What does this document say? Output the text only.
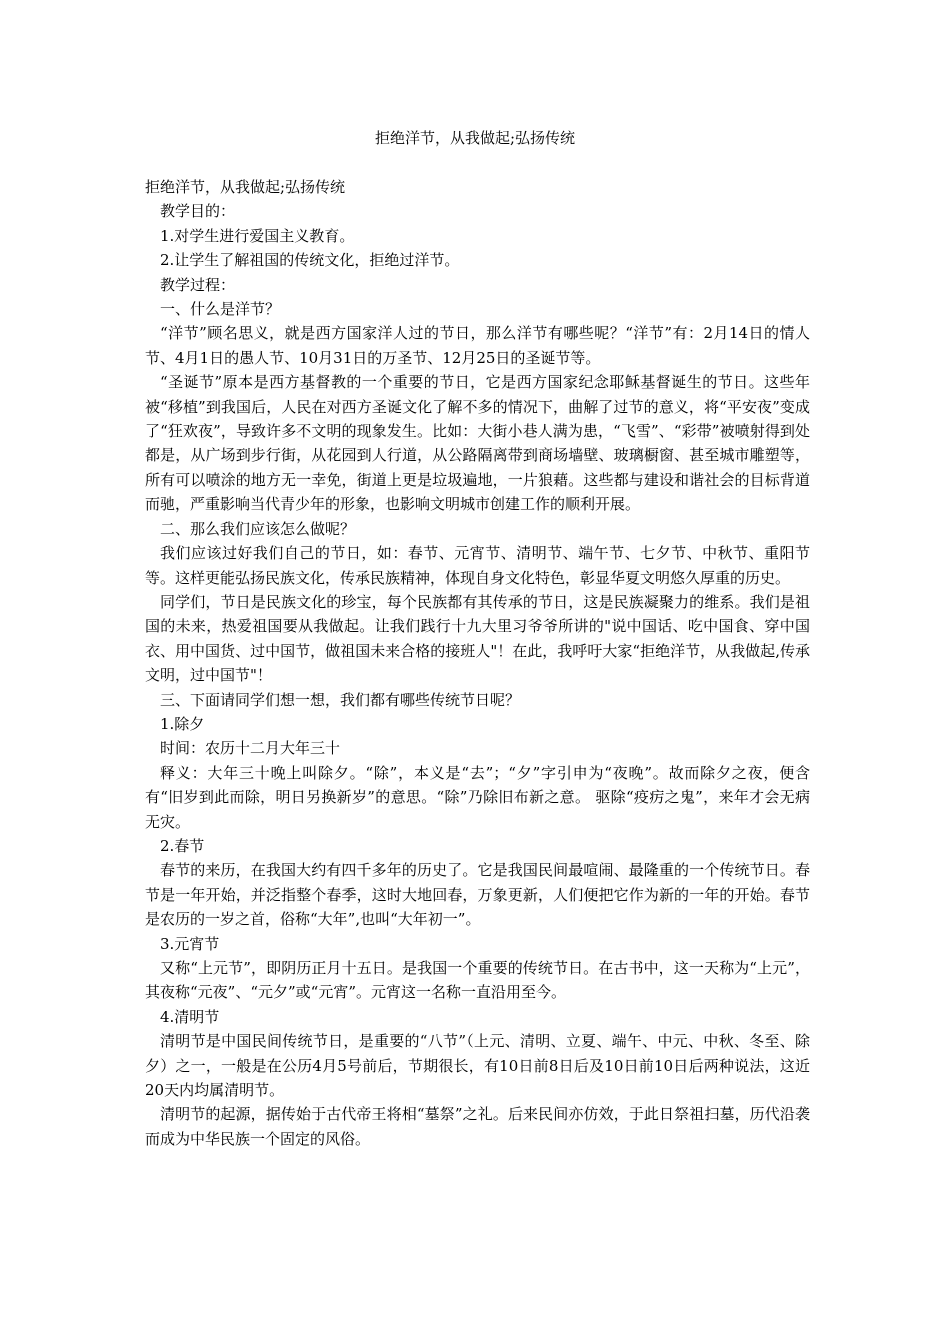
拒绝洋节，从我做起;弘扬传统

拒绝洋节，从我做起;弘扬传统

教学目的：

1.对学生进行爱国主义教育。

2.让学生了解祖国的传统文化，拒绝过洋节。

教学过程：

一、什么是洋节？

“洋节”顾名思义，就是西方国家洋人过的节日，那么洋节有哪些呢？“洋节”有：2月14日的情人节、4月1日的愚人节、10月31日的万圣节、12月25日的圣诞节等。

“圣诞节”原本是西方基督教的一个重要的节日，它是西方国家纪念耶稣基督诞生的节日。这些年被“移植”到我国后，人民在对西方圣诞文化了解不多的情况下，曲解了过节的意义，将“平安夜”变成了“狂欢夜”，导致许多不文明的现象发生。比如：大街小巷人满为患，“飞雪”、“彩带”被喷射得到处都是，从广场到步行街，从花园到人行道，从公路隔离带到商场墙壁、玻璃橱窗、甚至城市雕塑等，所有可以喷涂的地方无一幸免，街道上更是垃圾遍地，一片狼藉。这些都与建设和谐社会的目标背道而驰，严重影响当代青少年的形象，也影响文明城市创建工作的顺利开展。

二、那么我们应该怎么做呢？

我们应该过好我们自己的节日，如：春节、元宵节、清明节、端午节、七夕节、中秋节、重阳节等。这样更能弘扬民族文化，传承民族精神，体现自身文化特色，彰显华夏文明悠久厚重的历史。

同学们，节日是民族文化的珍宝，每个民族都有其传承的节日，这是民族凝聚力的维系。我们是祖国的未来，热爱祖国要从我做起。让我们践行十九大里习爷爷所讲的"说中国话、吃中国食、穿中国衣、用中国货、过中国节，做祖国未来合格的接班人"！在此，我呼吁大家“拒绝洋节，从我做起,传承文明，过中国节"！

三、下面请同学们想一想，我们都有哪些传统节日呢？

1.除夕

时间：农历十二月大年三十

释义：大年三十晚上叫除夕。“除”，本义是“去”；“夕”字引申为“夜晚”。故而除夕之夜，便含有“旧岁到此而除，明日另换新岁”的意思。“除”乃除旧布新之意。 驱除“疫疠之鬼”，来年才会无病无灾。

2.春节

春节的来历，在我国大约有四千多年的历史了。它是我国民间最喧闹、最隆重的一个传统节日。春节是一年开始，并泛指整个春季，这时大地回春，万象更新，人们便把它作为新的一年的开始。春节是农历的一岁之首，俗称“大年”,也叫“大年初一”。

3.元宵节

又称“上元节”，即阴历正月十五日。是我国一个重要的传统节日。在古书中，这一天称为“上元”，其夜称“元夜”、“元夕”或“元宵”。元宵这一名称一直沿用至今。

4.清明节

清明节是中国民间传统节日，是重要的“八节”（上元、清明、立夏、端午、中元、中秋、冬至、除夕）之一，一般是在公历4月5号前后，节期很长，有10日前8日后及10日前10日后两种说法，这近20天内均属清明节。

清明节的起源，据传始于古代帝王将相“墓祭”之礼。后来民间亦仿效，于此日祭祖扫墓，历代沿袭而成为中华民族一个固定的风俗。
